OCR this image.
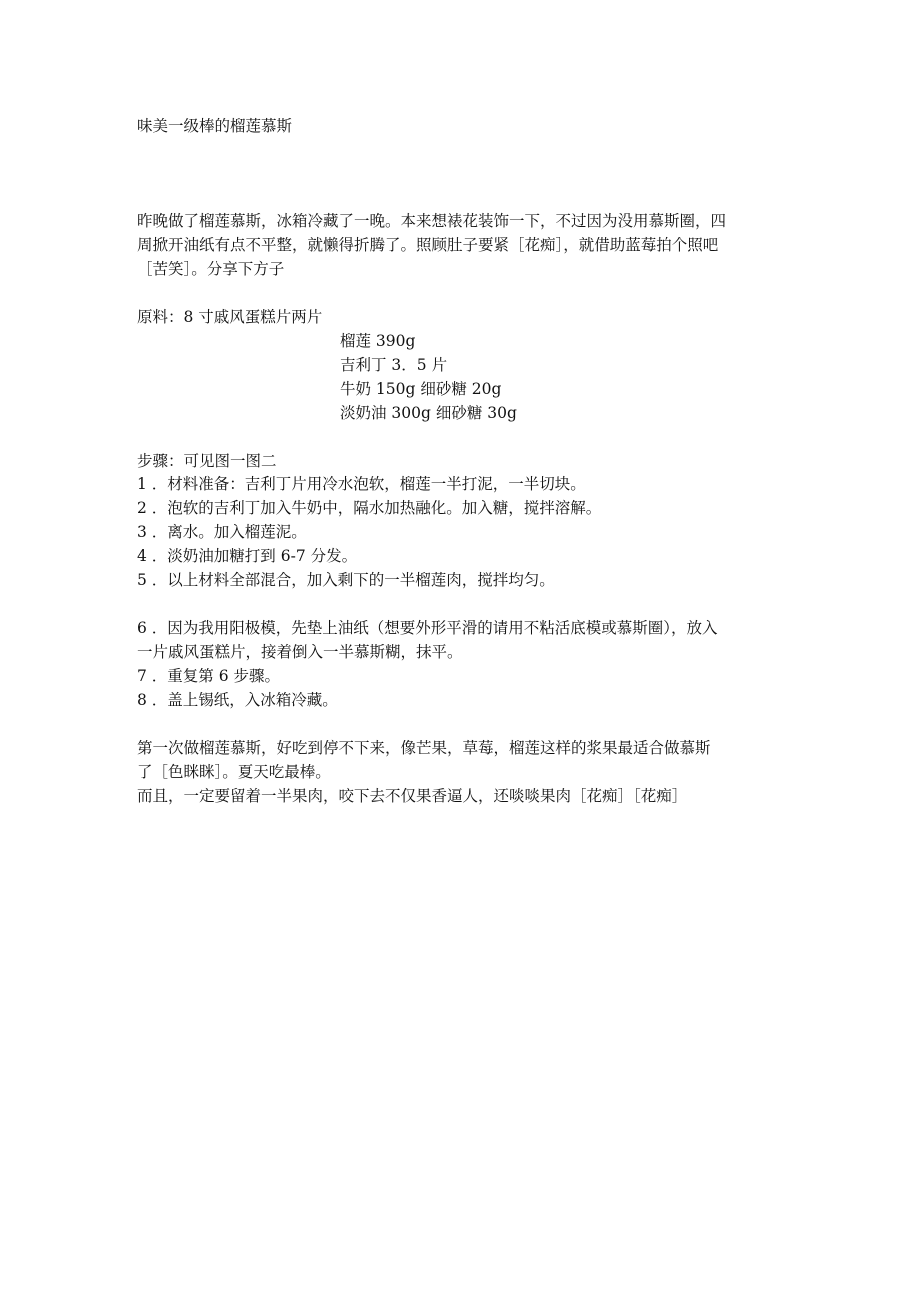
味美一级棒的榴莲慕斯
昨晚做了榴莲慕斯，冰箱冷藏了一晚。本来想裱花装饰一下，不过因为没用慕斯圈，四
周掀开油纸有点不平整，就懒得折腾了。照顾肚子要紧［花痴］，就借助蓝莓拍个照吧
［苦笑］。分享下方子
原料：8 寸戚风蛋糕片两片
榴莲 390g
吉利丁 3．5 片
牛奶 150g 细砂糖 20g
淡奶油 300g 细砂糖 30g
步骤：可见图一图二
1 ．材料准备：吉利丁片用冷水泡软，榴莲一半打泥，一半切块。
2 ．泡软的吉利丁加入牛奶中，隔水加热融化。加入糖，搅拌溶解。
3 ．离水。加入榴莲泥。
4 ．淡奶油加糖打到 6-7 分发。
5 ．以上材料全部混合，加入剩下的一半榴莲肉，搅拌均匀。
6 ．因为我用阳极模，先垫上油纸（想要外形平滑的请用不粘活底模或慕斯圈），放入
一片戚风蛋糕片，接着倒入一半慕斯糊，抹平。
7 ．重复第 6 步骤。
8 ．盖上锡纸，入冰箱冷藏。
第一次做榴莲慕斯，好吃到停不下来，像芒果，草莓，榴莲这样的浆果最适合做慕斯
了［色眯眯］。夏天吃最棒。
而且，一定要留着一半果肉，咬下去不仅果香逼人，还啖啖果肉［花痴］［花痴］
